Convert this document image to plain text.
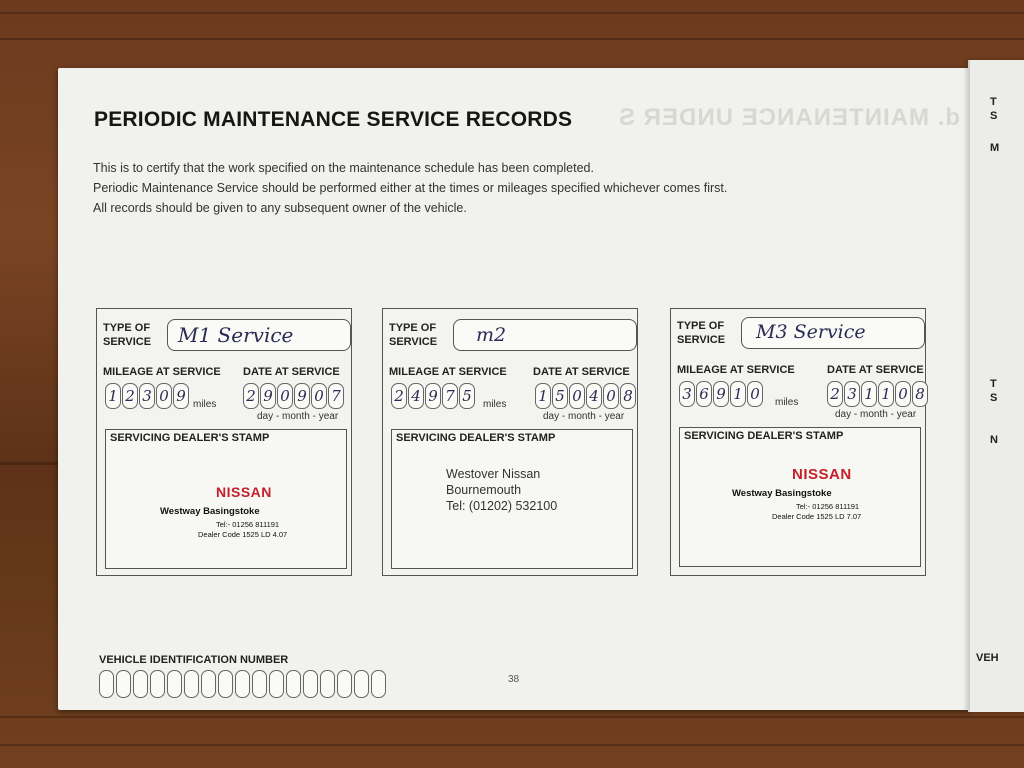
d. MAINTENANCE UNDER S
PERIODIC MAINTENANCE SERVICE RECORDS
This is to certify that the work specified on the maintenance schedule has been completed.
Periodic Maintenance Service should be performed either at the times or mileages specified whichever comes first.
All records should be given to any subsequent owner of the vehicle.
TYPE OF
SERVICE M1 Service
MILEAGE AT SERVICE DATE AT SERVICE
1 2 3 0 9 miles 2 9 0 9 0 7
day - month - year
SERVICING DEALER'S STAMP
NISSAN
Westway Basingstoke
Tel:- 01256 811191
Dealer Code 1525 LD 4.07
TYPE OF
SERVICE m2
MILEAGE AT SERVICE DATE AT SERVICE
2 4 9 7 5	miles 1 5 0 4 0 8
day - month - year
SERVICING DEALER'S STAMP
Westover Nissan
Bournemouth
Tel: (01202) 532100
TYPE OF
SERVICE M3 Service
MILEAGE AT SERVICE	DATE AT SERVICE
3 6 9 1 0	miles 2 3 1 1 0 8
day - month - year
SERVICING DEALER'S STAMP
NISSAN
Westway Basingstoke
Tel:- 01256 811191
Dealer Code 1525 LD 7.07
VEHICLE IDENTIFICATION NUMBER
38
T
S
M
T
S
N
VEH
